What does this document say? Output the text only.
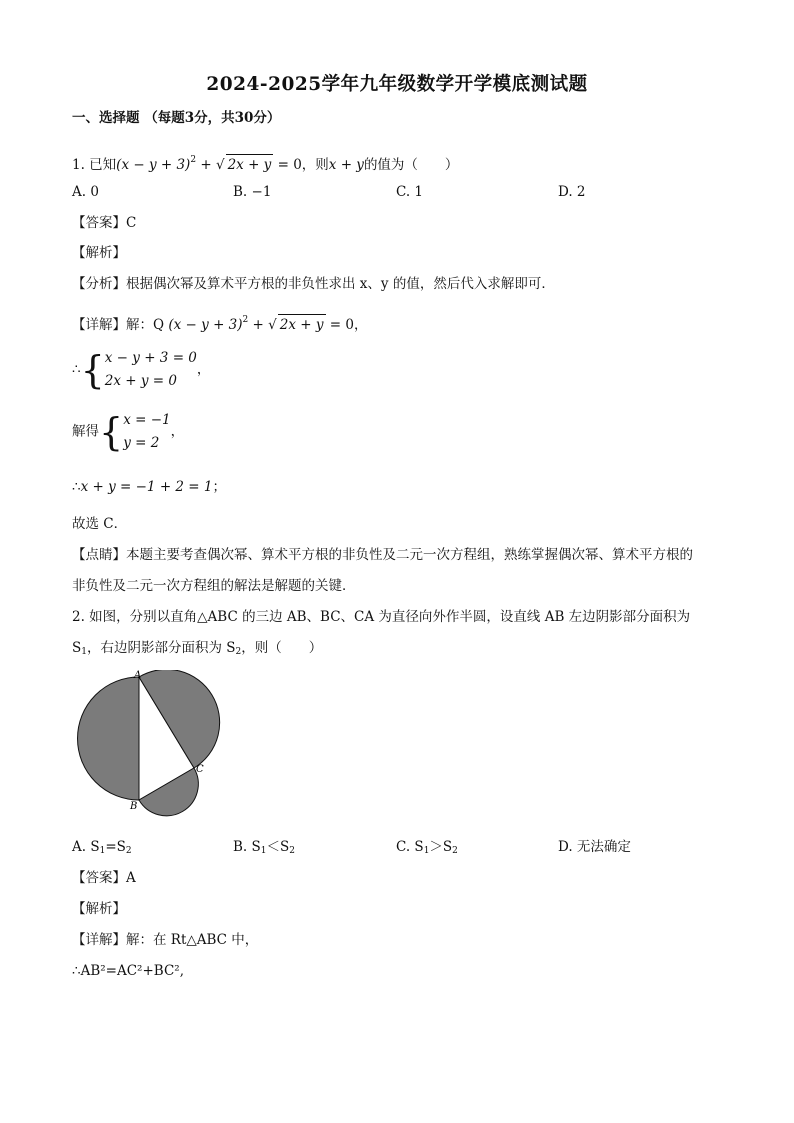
2024-2025学年九年级数学开学模底测试题
一、选择题 （每题3分，共30分）
1. 已知$(x - y + 3)^2$ + √ 2x + y = 0，则x + y的值为（　　）
A. 0	B. −1	C. 1	D. 2
【答案】C
【解析】
【分析】根据偶次幂及算术平方根的非负性求出 x、y 的值，然后代入求解即可．
【详解】解：Q $(x - y + 3)^2$ + √ 2x + y = 0，
∴{x − y + 3 = 0
2x + y = 0，
解得{x = −1
y = 2，
∴x + y = −1 + 2 = 1；
故选 C．
【点睛】本题主要考查偶次幂、算术平方根的非负性及二元一次方程组，熟练掌握偶次幂、算术平方根的
非负性及二元一次方程组的解法是解题的关键．
2. 如图，分别以直角△ABC 的三边 AB、BC、CA 为直径向外作半圆，设直线 AB 左边阴影部分面积为
$S_1$，右边阴影部分面积为 $S_2$，则（　　）
A
B
C
A. $S_1=S_2$	B. $S_1<S_2$	C. $S_1>S_2$	D. 无法确定
【答案】A
【解析】
【详解】解：在 Rt△ABC 中，
∴AB²=AC²+BC²,
